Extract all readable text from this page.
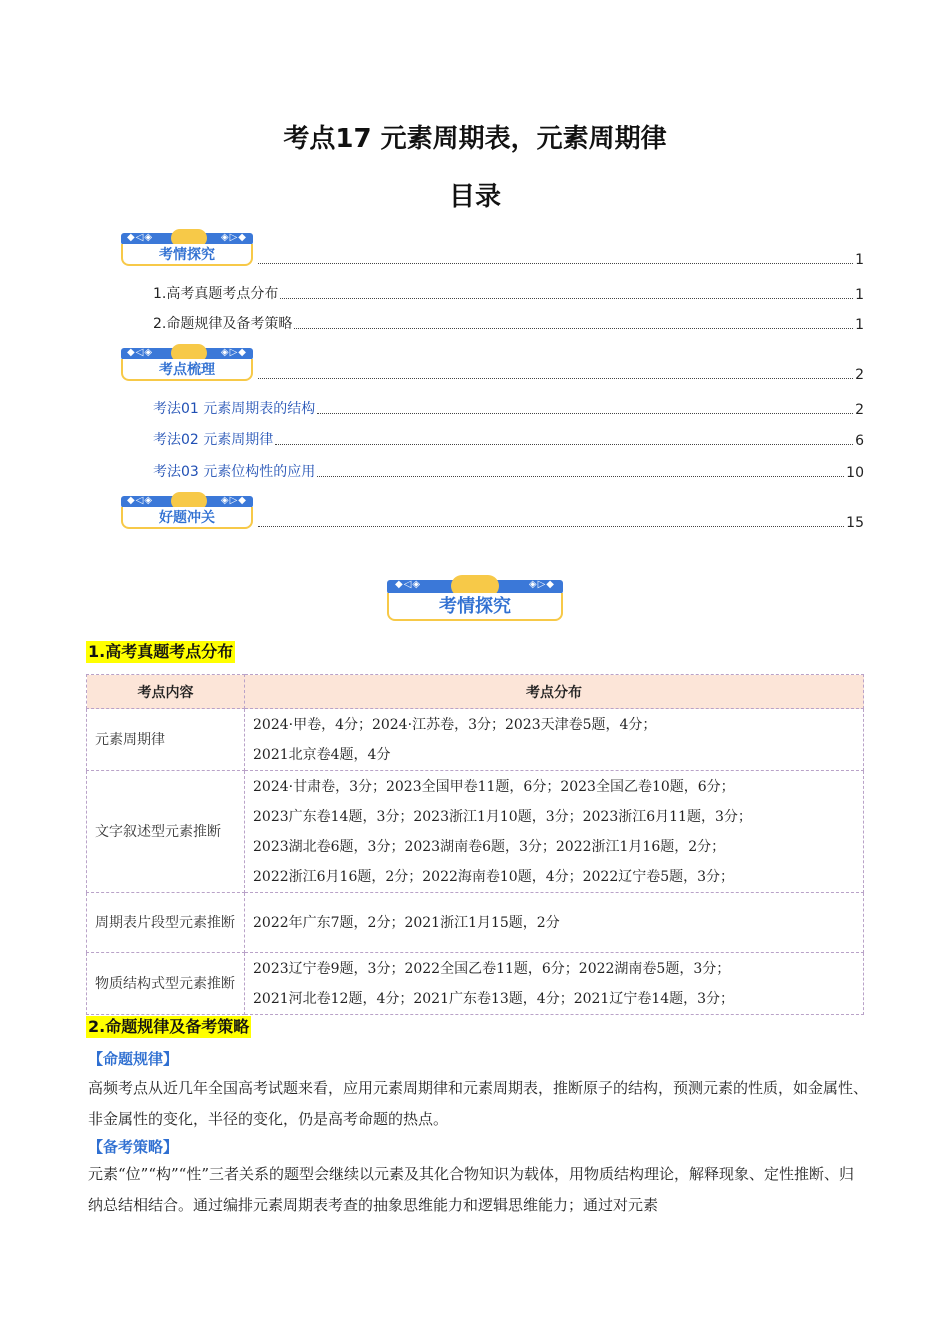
考点17 元素周期表，元素周期律
目录
◆◁◈	◈▷◆
考情探究	1
1.高考真题考点分布	1
2.命题规律及备考策略	1
◆◁◈	◈▷◆
考点梳理	2
考法01 元素周期表的结构	2
考法02 元素周期律	6
考法03 元素位构性的应用	10
◆◁◈	◈▷◆
好题冲关	15
◆◁◈	◈▷◆
考情探究
1.高考真题考点分布
考点内容	考点分布
元素周期律	2024·甲卷，4分；2024·江苏卷，3分；2023天津卷5题，4分；
2021北京卷4题，4分

文字叙述型元素推断	2024·甘肃卷，3分；2023全国甲卷11题，6分；2023全国乙卷10题，6分；
2023广东卷14题，3分；2023浙江1月10题，3分；2023浙江6月11题，3分；
2023湖北卷6题，3分；2023湖南卷6题，3分；2022浙江1月16题，2分；
2022浙江6月16题，2分；2022海南卷10题，4分；2022辽宁卷5题，3分；

周期表片段型元素推断	2022年广东7题，2分；2021浙江1月15题，2分

物质结构式型元素推断	2023辽宁卷9题，3分；2022全国乙卷11题，6分；2022湖南卷5题，3分；
2021河北卷12题，4分；2021广东卷13题，4分；2021辽宁卷14题，3分；
2.命题规律及备考策略
【命题规律】
高频考点从近几年全国高考试题来看，应用元素周期律和元素周期表，推断原子的结构，预测元素的性质，如金属性、非金属性的变化，半径的变化，仍是高考命题的热点。
【备考策略】
元素“位”“构”“性”三者关系的题型会继续以元素及其化合物知识为载体，用物质结构理论，解释现象、定性推断、归纳总结相结合。通过编排元素周期表考查的抽象思维能力和逻辑思维能力；通过对元素
